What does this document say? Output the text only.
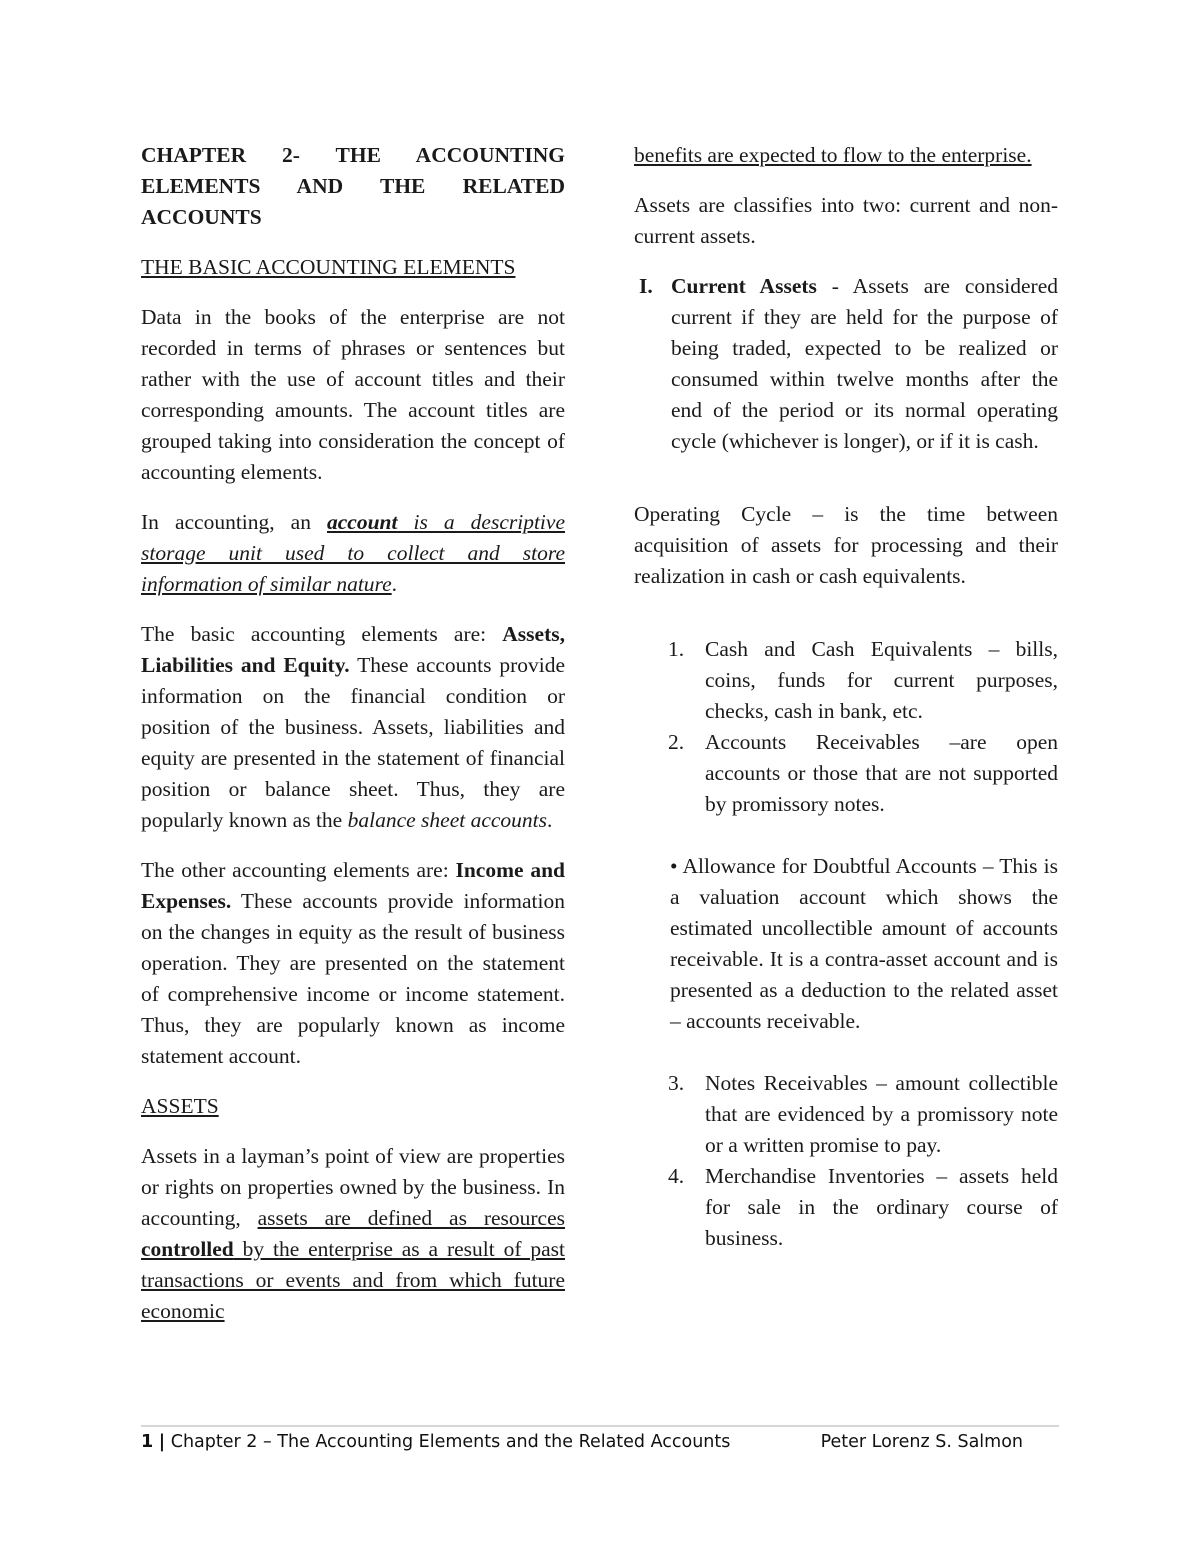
CHAPTER 2- THE ACCOUNTING ELEMENTS AND THE RELATED ACCOUNTS

THE BASIC ACCOUNTING ELEMENTS

Data in the books of the enterprise are not recorded in terms of phrases or sentences but rather with the use of account titles and their corresponding amounts. The account titles are grouped taking into consideration the concept of accounting elements.

In accounting, an account is a descriptive storage unit used to collect and store information of similar nature.

The basic accounting elements are: Assets, Liabilities and Equity. These accounts provide information on the financial condition or position of the business. Assets, liabilities and equity are presented in the statement of financial position or balance sheet. Thus, they are popularly known as the balance sheet accounts.

The other accounting elements are: Income and Expenses. These accounts provide information on the changes in equity as the result of business operation. They are presented on the statement of comprehensive income or income statement. Thus, they are popularly known as income statement account.

ASSETS

Assets in a layman’s point of view are properties or rights on properties owned by the business. In accounting, assets are defined as resources controlled by the enterprise as a result of past transactions or events and from which future economic

benefits are expected to flow to the enterprise.

Assets are classifies into two: current and non-current assets.

I. Current Assets - Assets are considered current if they are held for the purpose of being traded, expected to be realized or consumed within twelve months after the end of the period or its normal operating cycle (whichever is longer), or if it is cash.

Operating Cycle – is the time between acquisition of assets for processing and their realization in cash or cash equivalents.

1. Cash and Cash Equivalents – bills, coins, funds for current purposes, checks, cash in bank, etc.
2. Accounts Receivables –are open accounts or those that are not supported by promissory notes.

• Allowance for Doubtful Accounts – This is a valuation account which shows the estimated uncollectible amount of accounts receivable. It is a contra-asset account and is presented as a deduction to the related asset – accounts receivable.

3. Notes Receivables – amount collectible that are evidenced by a promissory note or a written promise to pay.
4. Merchandise Inventories – assets held for sale in the ordinary course of business.
1 | Chapter 2 – The Accounting Elements and the Related Accounts	Peter Lorenz S. Salmon
